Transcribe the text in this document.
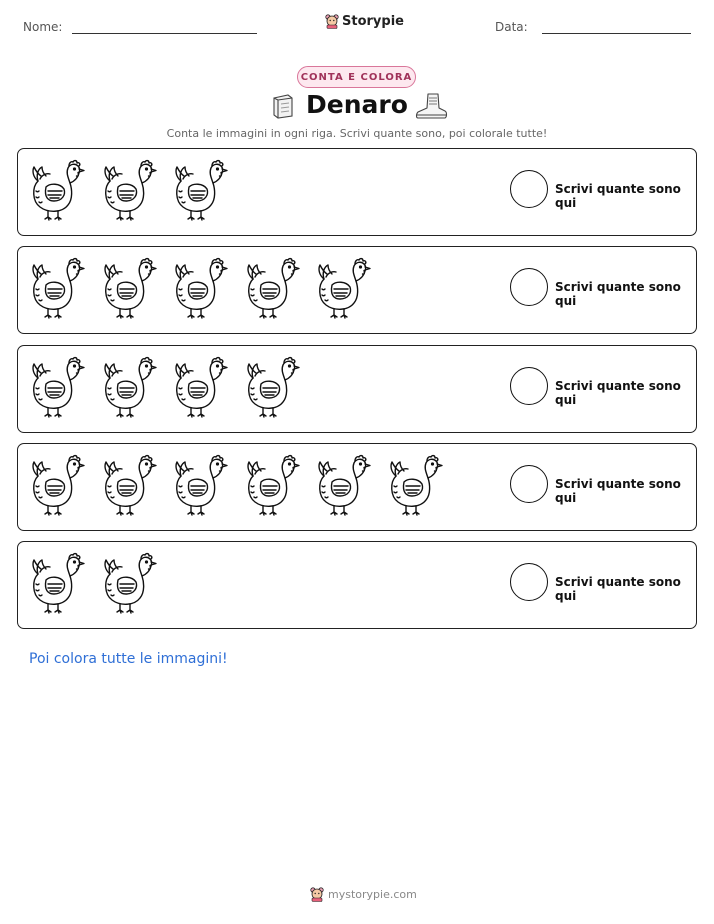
Nome:	Storypie	Data:
CONTA E COLORA
Denaro
Conta le immagini in ogni riga. Scrivi quante sono, poi colorale tutte!
Scrivi quante sono qui
Scrivi quante sono qui
Scrivi quante sono qui
Scrivi quante sono qui
Scrivi quante sono qui
Poi colora tutte le immagini!
mystorypie.com
